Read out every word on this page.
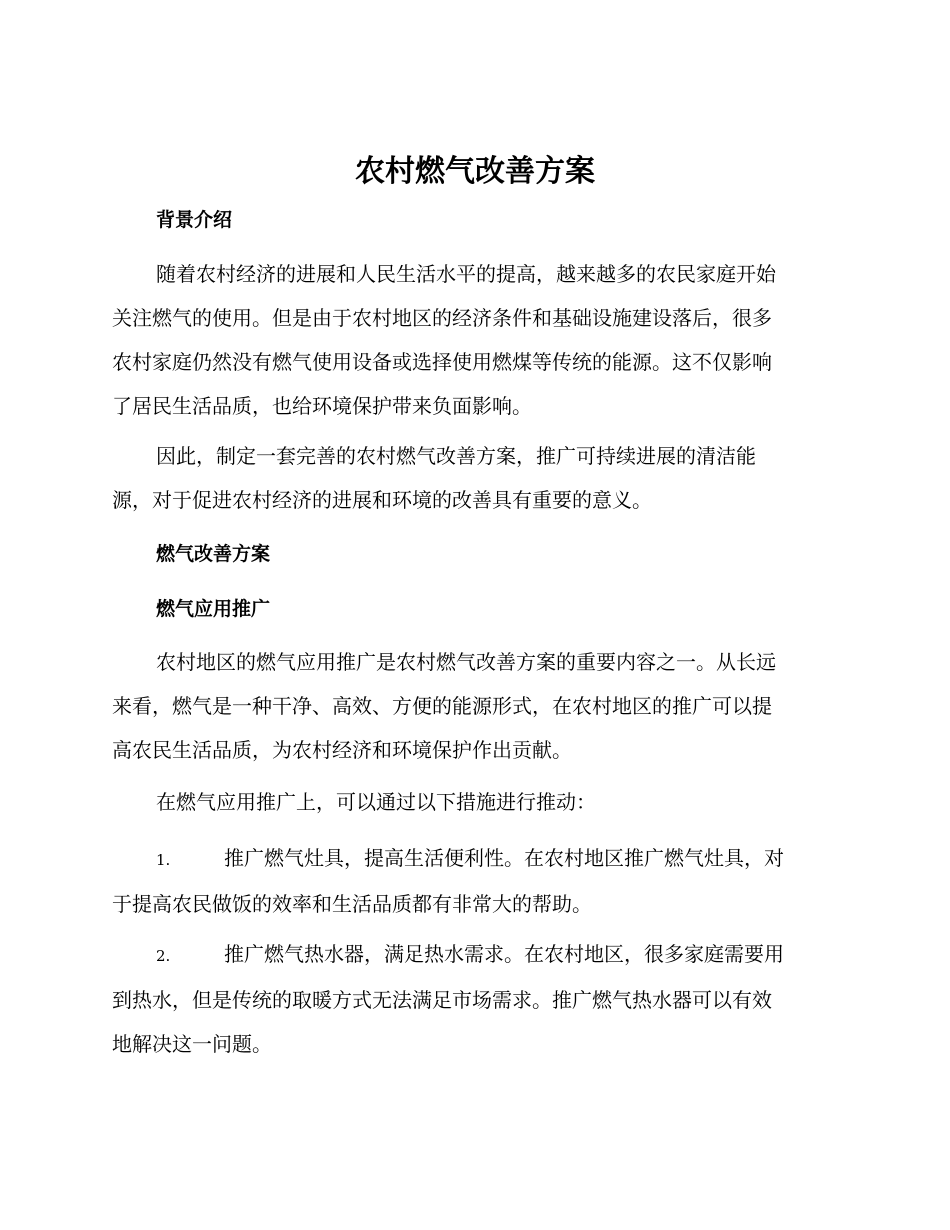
农村燃气改善方案
背景介绍

随着农村经济的进展和人民生活水平的提高，越来越多的农民家庭开始
关注燃气的使用。但是由于农村地区的经济条件和基础设施建设落后，很多
农村家庭仍然没有燃气使用设备或选择使用燃煤等传统的能源。这不仅影响
了居民生活品质，也给环境保护带来负面影响。

因此，制定一套完善的农村燃气改善方案，推广可持续进展的清洁能
源，对于促进农村经济的进展和环境的改善具有重要的意义。

燃气改善方案
燃气应用推广

农村地区的燃气应用推广是农村燃气改善方案的重要内容之一。从长远
来看，燃气是一种干净、高效、方便的能源形式，在农村地区的推广可以提
高农民生活品质，为农村经济和环境保护作出贡献。

在燃气应用推广上，可以通过以下措施进行推动：

1.	推广燃气灶具，提高生活便利性。在农村地区推广燃气灶具，对
于提高农民做饭的效率和生活品质都有非常大的帮助。

2.	推广燃气热水器，满足热水需求。在农村地区，很多家庭需要用
到热水，但是传统的取暖方式无法满足市场需求。推广燃气热水器可以有效
地解决这一问题。
